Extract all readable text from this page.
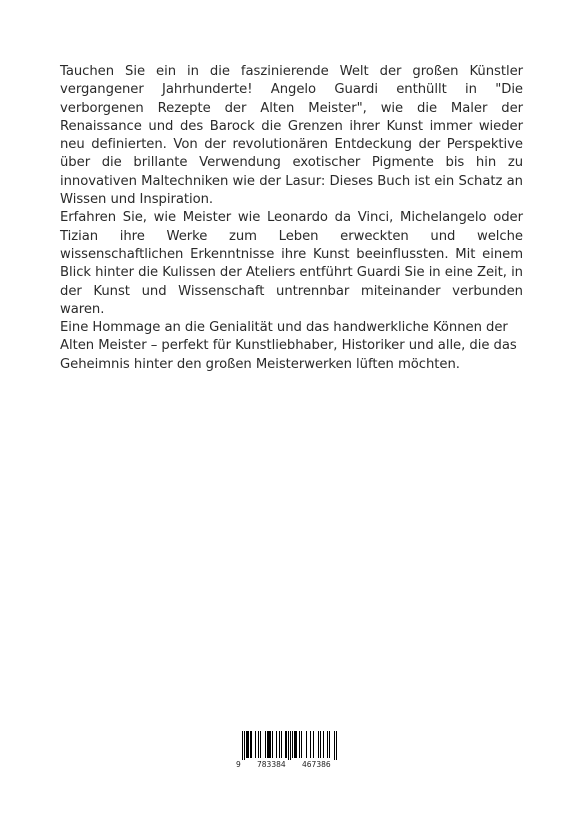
Tauchen Sie ein in die faszinierende Welt der großen Künstler vergangener Jahrhunderte! Angelo Guardi enthüllt in "Die verborgenen Rezepte der Alten Meister", wie die Maler der Renaissance und des Barock die Grenzen ihrer Kunst immer wieder neu definierten. Von der revolutionären Entdeckung der Perspektive über die brillante Verwendung exotischer Pigmente bis hin zu innovativen Maltechniken wie der Lasur: Dieses Buch ist ein Schatz an Wissen und Inspiration.

Erfahren Sie, wie Meister wie Leonardo da Vinci, Michelangelo oder Tizian ihre Werke zum Leben erweckten und welche wissenschaftlichen Erkenntnisse ihre Kunst beeinflussten. Mit einem Blick hinter die Kulissen der Ateliers entführt Guardi Sie in eine Zeit, in der Kunst und Wissenschaft untrennbar miteinander verbunden waren.

Eine Hommage an die Genialität und das handwerkliche Können der Alten Meister – perfekt für Kunstliebhaber, Historiker und alle, die das Geheimnis hinter den großen Meisterwerken lüften möchten.

9 783384 467386
